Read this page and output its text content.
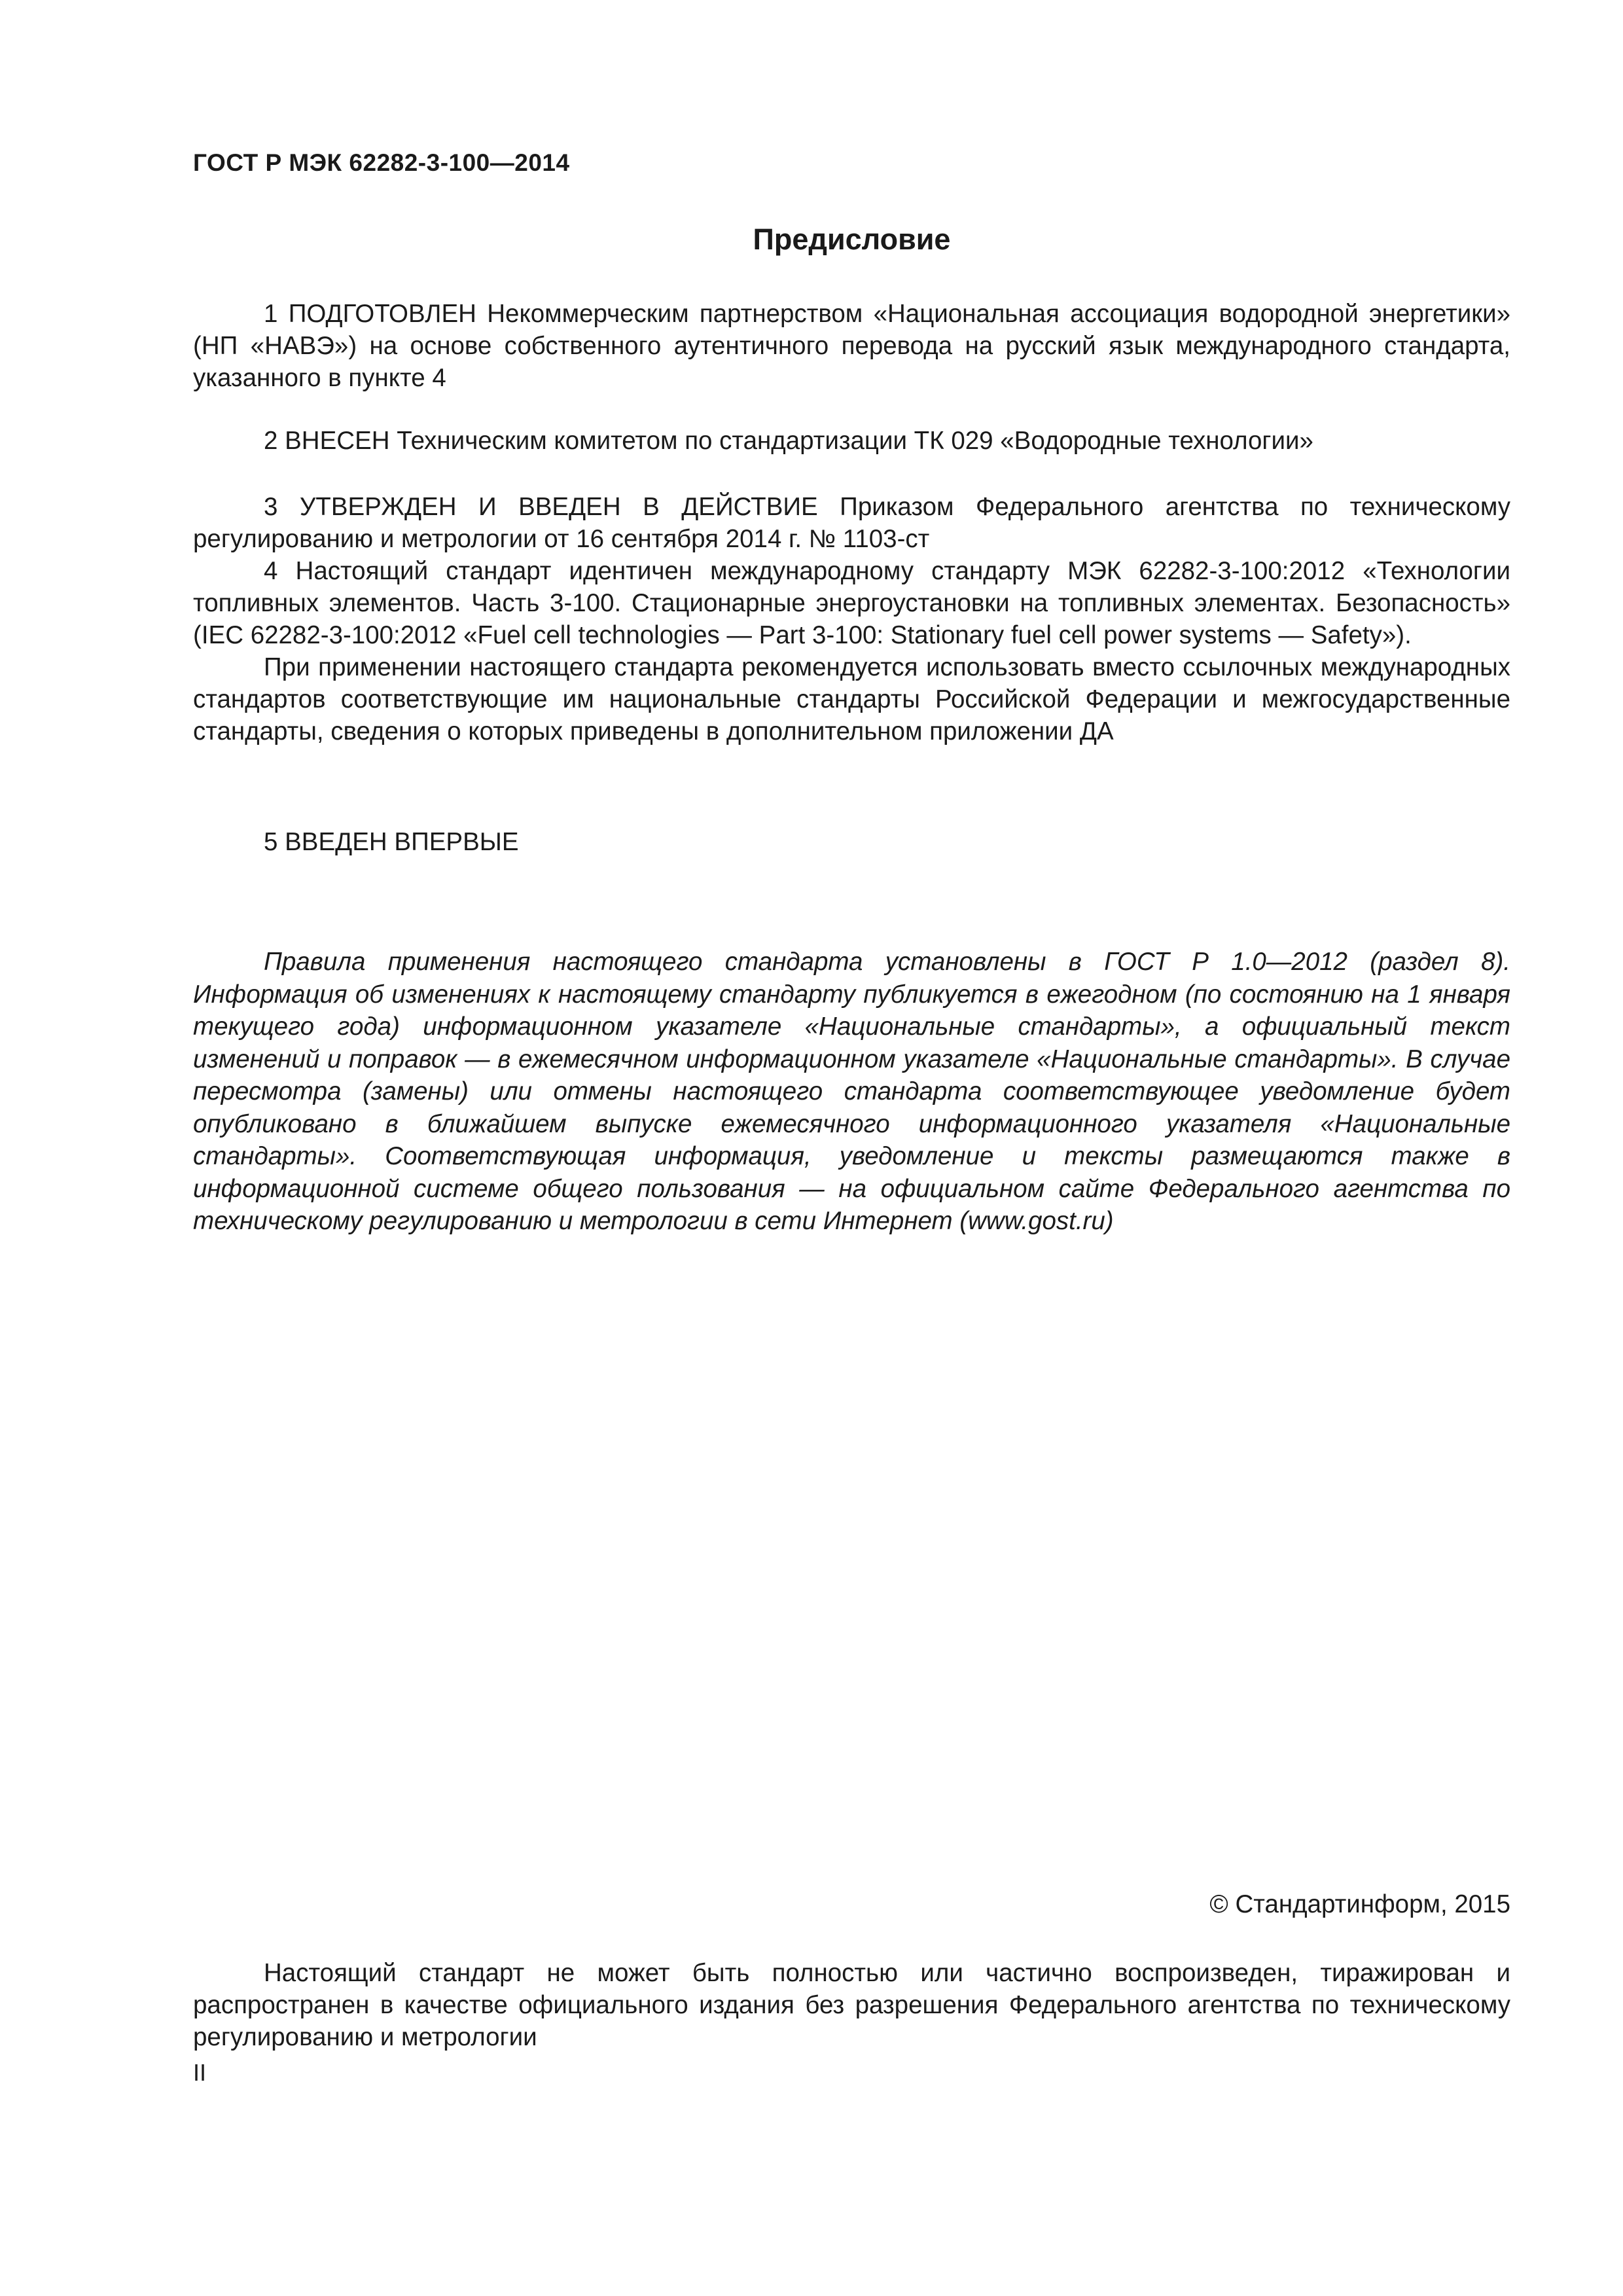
ГОСТ Р МЭК 62282-3-100—2014
Предисловие

1 ПОДГОТОВЛЕН Некоммерческим партнерством «Национальная ассоциация водородной энергетики» (НП «НАВЭ») на основе собственного аутентичного перевода на русский язык международного стандарта, указанного в пункте 4

2 ВНЕСЕН Техническим комитетом по стандартизации ТК 029 «Водородные технологии»

3 УТВЕРЖДЕН И ВВЕДЕН В ДЕЙСТВИЕ Приказом Федерального агентства по техническому регулированию и метрологии от 16 сентября 2014 г. № 1103-ст

4 Настоящий стандарт идентичен международному стандарту МЭК 62282-3-100:2012 «Технологии топливных элементов. Часть 3-100. Стационарные энергоустановки на топливных элементах. Безопасность» (IEC 62282-3-100:2012 «Fuel cell technologies — Part 3-100: Stationary fuel cell power systems — Safety»).

При применении настоящего стандарта рекомендуется использовать вместо ссылочных международных стандартов соответствующие им национальные стандарты Российской Федерации и межгосударственные стандарты, сведения о которых приведены в дополнительном приложении ДА

5 ВВЕДЕН ВПЕРВЫЕ

Правила применения настоящего стандарта установлены в ГОСТ Р 1.0—2012 (раздел 8). Информация об изменениях к настоящему стандарту публикуется в ежегодном (по состоянию на 1 января текущего года) информационном указателе «Национальные стандарты», а официальный текст изменений и поправок — в ежемесячном информационном указателе «Национальные стандарты». В случае пересмотра (замены) или отмены настоящего стандарта соответствующее уведомление будет опубликовано в ближайшем выпуске ежемесячного информационного указателя «Национальные стандарты». Соответствующая информация, уведомление и тексты размещаются также в информационной системе общего пользования — на официальном сайте Федерального агентства по техническому регулированию и метрологии в сети Интернет (www.gost.ru)

© Стандартинформ, 2015

Настоящий стандарт не может быть полностью или частично воспроизведен, тиражирован и распространен в качестве официального издания без разрешения Федерального агентства по техническому регулированию и метрологии

II
